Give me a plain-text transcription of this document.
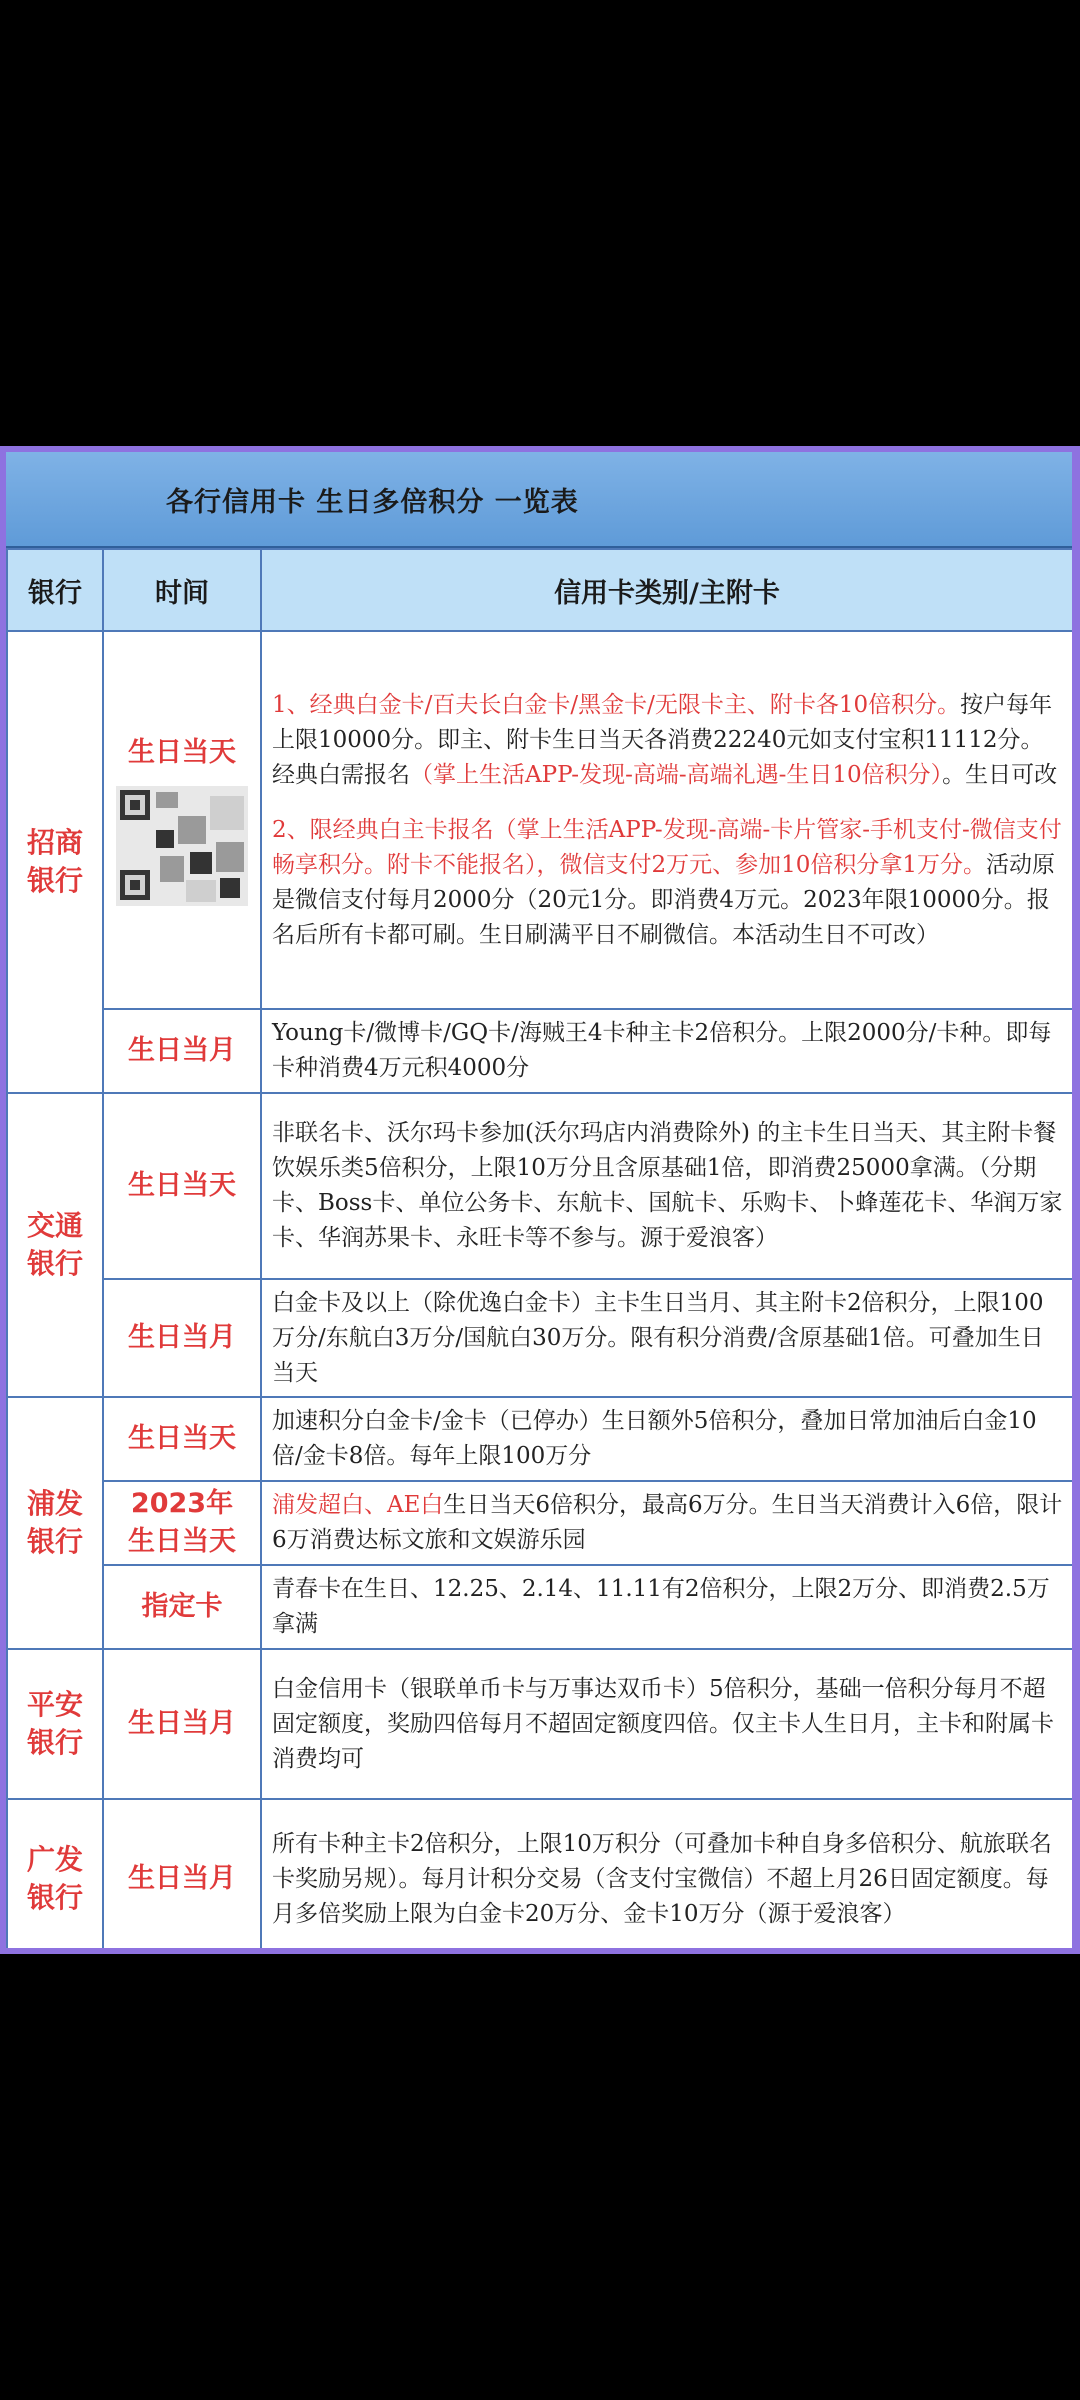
各行信用卡 生日多倍积分 一览表
银行	时间	信用卡类别/主附卡

招商银行	生日当天	1、经典白金卡/百夫长白金卡/黑金卡/无限卡主、附卡各10倍积分。按户每年上限10000分。即主、附卡生日当天各消费22240元如支付宝积11112分。经典白需报名（掌上生活APP-发现-高端-高端礼遇-生日10倍积分）。生日可改
2、限经典白主卡报名（掌上生活APP-发现-高端-卡片管家-手机支付-微信支付畅享积分。附卡不能报名），微信支付2万元、参加10倍积分拿1万分。活动原是微信支付每月2000分（20元1分。即消费4万元。2023年限10000分。报名后所有卡都可刷。生日刷满平日不刷微信。本活动生日不可改）
	生日当月	Young卡/微博卡/GQ卡/海贼王4卡种主卡2倍积分。上限2000分/卡种。即每卡种消费4万元积4000分

交通银行	生日当天	非联名卡、沃尔玛卡参加(沃尔玛店内消费除外) 的主卡生日当天、其主附卡餐饮娱乐类5倍积分，上限10万分且含原基础1倍，即消费25000拿满。（分期卡、Boss卡、单位公务卡、东航卡、国航卡、乐购卡、卜蜂莲花卡、华润万家卡、华润苏果卡、永旺卡等不参与。源于爱浪客）
	生日当月	白金卡及以上（除优逸白金卡）主卡生日当月、其主附卡2倍积分，上限100万分/东航白3万分/国航白30万分。限有积分消费/含原基础1倍。可叠加生日当天

浦发银行	生日当天	加速积分白金卡/金卡（已停办）生日额外5倍积分，叠加日常加油后白金10倍/金卡8倍。每年上限100万分

	2023年生日当天	浦发超白、AE白生日当天6倍积分，最高6万分。生日当天消费计入6倍，限计6万消费达标文旅和文娱游乐园
	指定卡	青春卡在生日、12.25、2.14、11.11有2倍积分，上限2万分、即消费2.5万拿满

平安银行	生日当月	白金信用卡（银联单币卡与万事达双币卡）5倍积分，基础一倍积分每月不超固定额度，奖励四倍每月不超固定额度四倍。仅主卡人生日月，主卡和附属卡消费均可

广发银行	生日当月	所有卡种主卡2倍积分，上限10万积分（可叠加卡种自身多倍积分、航旅联名卡奖励另规）。每月计积分交易（含支付宝微信）不超上月26日固定额度。每月多倍奖励上限为白金卡20万分、金卡10万分（源于爱浪客）
